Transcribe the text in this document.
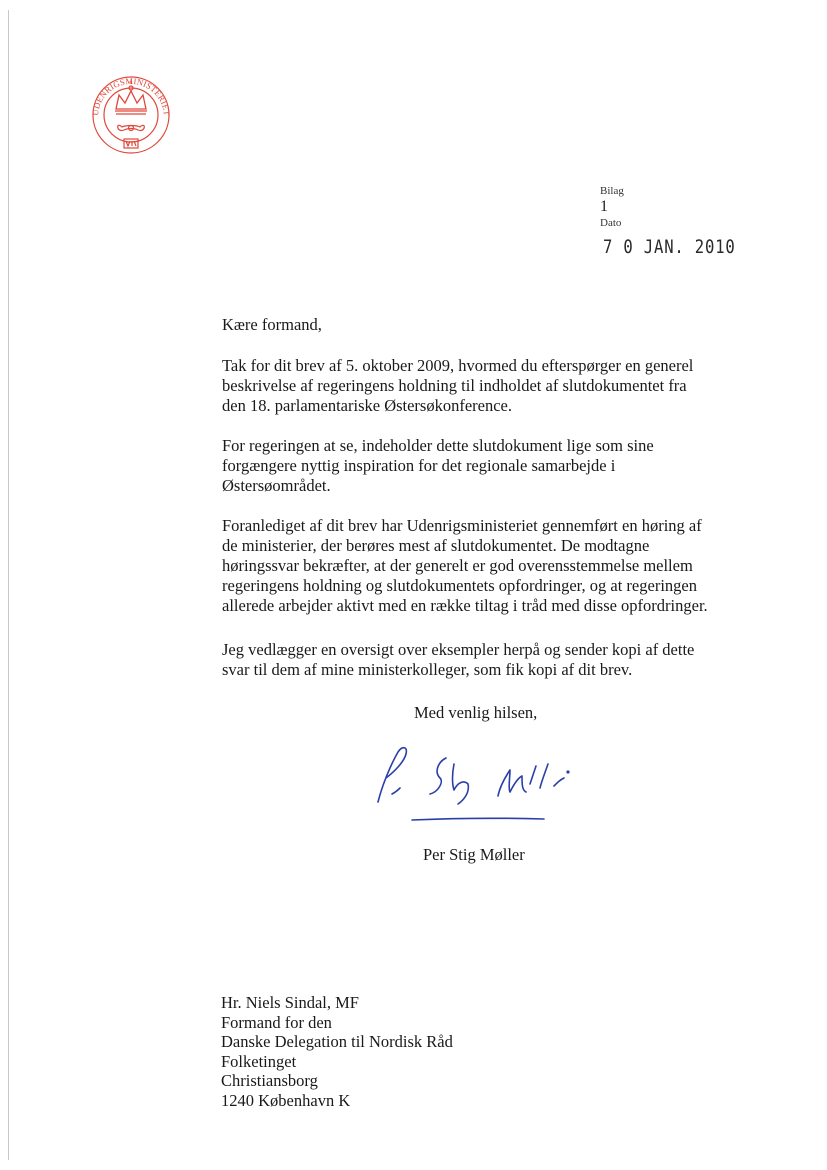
UDENRIGSMINISTERIET
Bilag
1
Dato
7 0 JAN. 2010
Kære formand,
Tak for dit brev af 5. oktober 2009, hvormed du efterspørger en generel
beskrivelse af regeringens holdning til indholdet af slutdokumentet fra
den 18. parlamentariske Østersøkonference.
For regeringen at se, indeholder dette slutdokument lige som sine
forgængere nyttig inspiration for det regionale samarbejde i
Østersøområdet.
Foranlediget af dit brev har Udenrigsministeriet gennemført en høring af
de ministerier, der berøres mest af slutdokumentet. De modtagne
høringssvar bekræfter, at der generelt er god overensstemmelse mellem
regeringens holdning og slutdokumentets opfordringer, og at regeringen
allerede arbejder aktivt med en række tiltag i tråd med disse opfordringer.
Jeg vedlægger en oversigt over eksempler herpå og sender kopi af dette
svar til dem af mine ministerkolleger, som fik kopi af dit brev.
Med venlig hilsen,
Per Stig Møller
Hr. Niels Sindal, MF
Formand for den
Danske Delegation til Nordisk Råd
Folketinget
Christiansborg
1240 København K
